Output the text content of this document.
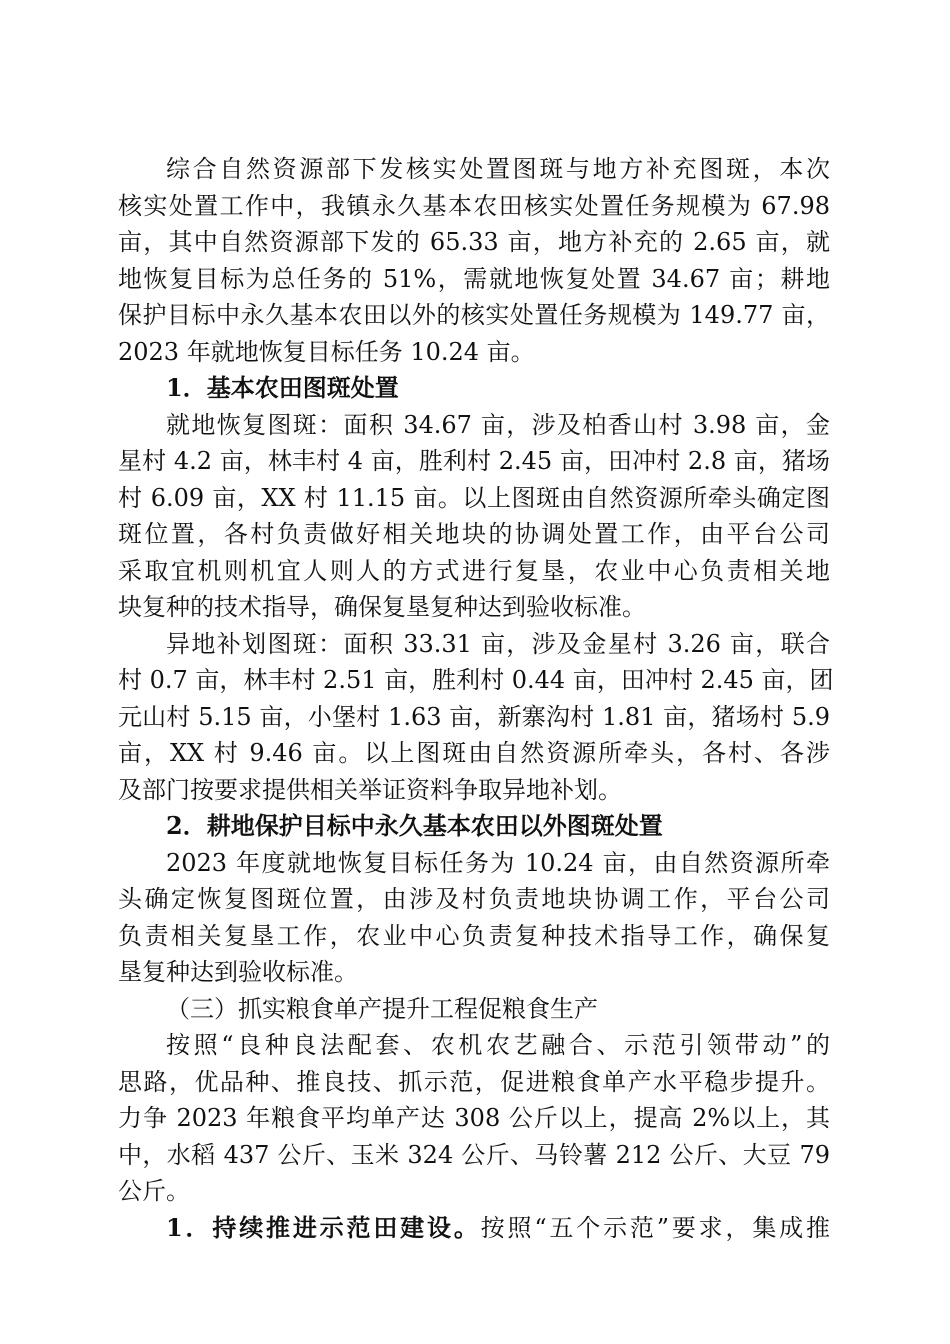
综合自然资源部下发核实处置图斑与地方补充图斑，本次
核实处置工作中，我镇永久基本农田核实处置任务规模为 67.98
亩，其中自然资源部下发的 65.33 亩，地方补充的 2.65 亩，就
地恢复目标为总任务的 51%，需就地恢复处置 34.67 亩；耕地
保护目标中永久基本农田以外的核实处置任务规模为 149.77 亩，
2023 年就地恢复目标任务 10.24 亩。
1．基本农田图斑处置
就地恢复图斑：面积 34.67 亩，涉及柏香山村 3.98 亩，金
星村 4.2 亩，林丰村 4 亩，胜利村 2.45 亩，田冲村 2.8 亩，猪场
村 6.09 亩，XX 村 11.15 亩。以上图斑由自然资源所牵头确定图
斑位置，各村负责做好相关地块的协调处置工作，由平台公司
采取宜机则机宜人则人的方式进行复垦，农业中心负责相关地
块复种的技术指导，确保复垦复种达到验收标准。
异地补划图斑：面积 33.31 亩，涉及金星村 3.26 亩，联合
村 0.7 亩，林丰村 2.51 亩，胜利村 0.44 亩，田冲村 2.45 亩，团
元山村 5.15 亩，小堡村 1.63 亩，新寨沟村 1.81 亩，猪场村 5.9
亩，XX 村 9.46 亩。以上图斑由自然资源所牵头，各村、各涉
及部门按要求提供相关举证资料争取异地补划。
2．耕地保护目标中永久基本农田以外图斑处置
2023 年度就地恢复目标任务为 10.24 亩，由自然资源所牵
头确定恢复图斑位置，由涉及村负责地块协调工作，平台公司
负责相关复垦工作，农业中心负责复种技术指导工作，确保复
垦复种达到验收标准。
（三）抓实粮食单产提升工程促粮食生产
按照“良种良法配套、农机农艺融合、示范引领带动”的
思路，优品种、推良技、抓示范，促进粮食单产水平稳步提升。
力争 2023 年粮食平均单产达 308 公斤以上，提高 2%以上，其
中，水稻 437 公斤、玉米 324 公斤、马铃薯 212 公斤、大豆 79
公斤。
1．持续推进示范田建设。按照“五个示范”要求，集成推
